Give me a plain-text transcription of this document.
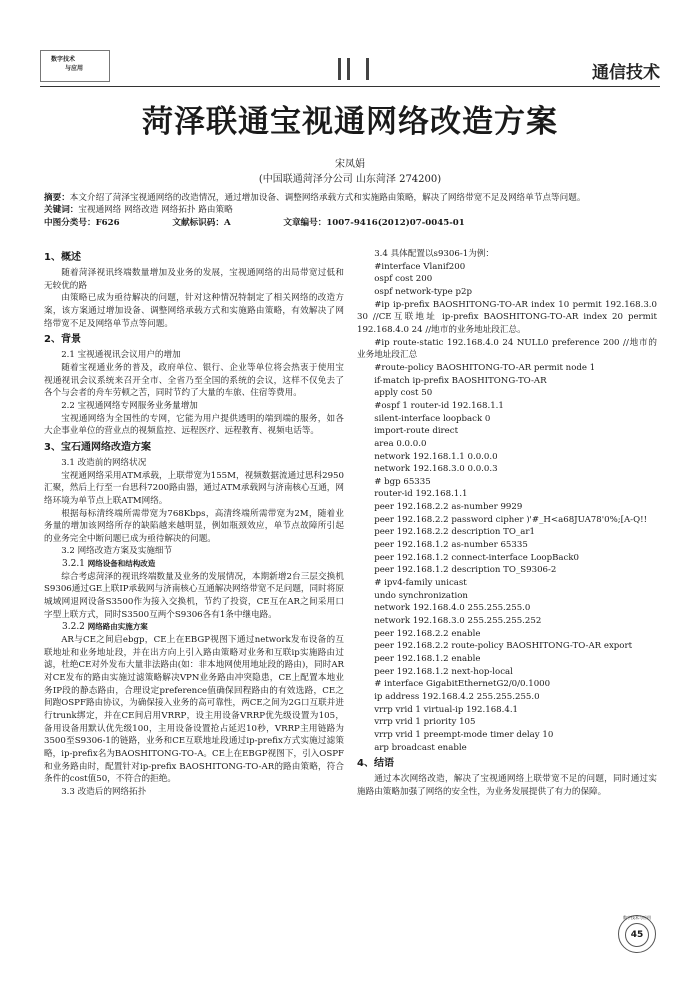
数字技术
与应用	通信技术
菏泽联通宝视通网络改造方案
宋凤娟
(中国联通菏泽分公司 山东菏泽 274200)
摘要：本文介绍了菏泽宝视通网络的改造情况，通过增加设备、调整网络承载方式和实施路由策略，解决了网络带宽不足及网络单节点等问题。
关键词：宝视通网络 网络改造 网络拓扑 路由策略
中图分类号：F626	文献标识码：A	文章编号：1007-9416(2012)07-0045-01
1、概述

随着菏泽视讯终端数量增加及业务的发展，宝视通网络的出局带宽过低和无较优的路

由策略已成为亟待解决的问题，针对这种情况特制定了相关网络的改造方案，该方案通过增加设备、调整网络承载方式和实施路由策略，有效解决了网络带宽不足及网络单节点等问题。

2、背景
2.1 宝视通视讯会议用户的增加

随着宝视通业务的普及，政府单位、银行、企业等单位将会热衷于使用宝视通视讯会议系统来召开全市、全省乃至全国的系统的会议，这样不仅免去了各个与会者的舟车劳顿之苦，同时节约了大量的车旅、住宿等费用。

2.2 宝视通网络专网服务业务量增加

宝视通网络为全国性的专网，它能为用户提供透明的端到端的服务，如各大企事业单位的营业点的视频监控、远程医疗、远程教育、视频电话等。

3、宝石通网络改造方案
3.1 改造前的网络状况

宝视通网络采用ATM承载，上联带宽为155M，视频数据流通过思科2950汇聚，然后上行至一台思科7200路由器，通过ATM承载网与济南核心互通，网络环境为单节点上联ATM网络。

根据每标清终端所需带宽为768Kbps，高清终端所需带宽为2M，随着业务量的增加该网络所存的缺陷越来越明显，例如瓶颈效应，单节点故障所引起的业务完全中断问题已成为亟待解决的问题。

3.2 网络改造方案及实施细节
3.2.1 网络设备和结构改造

综合考虑菏泽的视讯终端数量及业务的发展情况，本期新增2台三层交换机S9306通过GE上联IP承载网与济南核心互通解决网络带宽不足问题，同时将原城域网退网设备S3500作为接入交换机，节约了投资，CE互在AR之间采用口字型上联方式，同时S3500互两个S9306各有1条中继电路。

3.2.2 网络路由实施方案

AR与CE之间启ebgp，CE上在EBGP视图下通过network发布设备的互联地址和业务地址段，并在出方向上引入路由策略对业务和互联ip实施路由过滤，杜绝CE对外发布大量非法路由(如：非本地网使用地址段的路由)，同时AR对CE发布的路由实施过滤策略解决VPN业务路由冲突隐患，CE上配置本地业务IP段的静态路由，合理设定preference值确保回程路由的有效选路，CE之间跑OSPF路由协议，为确保接入业务的高可靠性，两CE之间为2G口互联并进行trunk绑定，并在CE间启用VRRP，设主用设备VRRP优先级设置为105，备用设备用默认优先级100，主用设备设置抢占延迟10秒，VRRP主用链路为3500至S9306-1的链路，业务和CE互联地址段通过ip-prefix方式实施过滤策略，ip-prefix名为BAOSHITONG-TO-A。CE上在EBGP视图下，引入OSPF和业务路由时，配置针对ip-prefix BAOSHITONG-TO-AR的路由策略，符合条件的cost值50，不符合的拒绝。

3.3 改造后的网络拓扑
3.4 具体配置以s9306-1为例：
#interface Vlanif200
ospf cost 200
ospf network-type p2p

#ip ip-prefix BAOSHITONG-TO-AR index 10 permit 192.168.3.0 30 //CE互联地址 ip-prefix BAOSHITONG-TO-AR index 20 permit 192.168.4.0 24 //地市的业务地址段汇总。

#ip route-static 192.168.4.0 24 NULL0 preference 200 //地市的业务地址段汇总

#route-policy BAOSHITONG-TO-AR permit node 1
if-match ip-prefix BAOSHITONG-TO-AR
apply cost 50
#ospf 1 router-id 192.168.1.1
silent-interface loopback 0
import-route direct
area 0.0.0.0
network 192.168.1.1 0.0.0.0
network 192.168.3.0 0.0.0.3
# bgp 65335
router-id 192.168.1.1
peer 192.168.2.2 as-number 9929

peer 192.168.2.2 password cipher )'#_H<a68JUA78'0%;[A-Q!!

peer 192.168.2.2 description TO_ar1
peer 192.168.1.2 as-number 65335
peer 192.168.1.2 connect-interface LoopBack0
peer 192.168.1.2 description TO_S9306-2
# ipv4-family unicast
undo synchronization
network 192.168.4.0 255.255.255.0
network 192.168.3.0 255.255.255.252
peer 192.168.2.2 enable

peer 192.168.2.2 route-policy BAOSHITONG-TO-AR export

peer 192.168.1.2 enable
peer 192.168.1.2 next-hop-local
# interface GigabitEthernetG2/0/0.1000
ip address 192.168.4.2 255.255.255.0
vrrp vrid 1 virtual-ip 192.168.4.1
vrrp vrid 1 priority 105
vrrp vrid 1 preempt-mode timer delay 10
arp broadcast enable
4、结语

通过本次网络改造，解决了宝视通网络上联带宽不足的问题，同时通过实施路由策略加强了网络的安全性，为业务发展提供了有力的保障。

数字技术与应用
45
